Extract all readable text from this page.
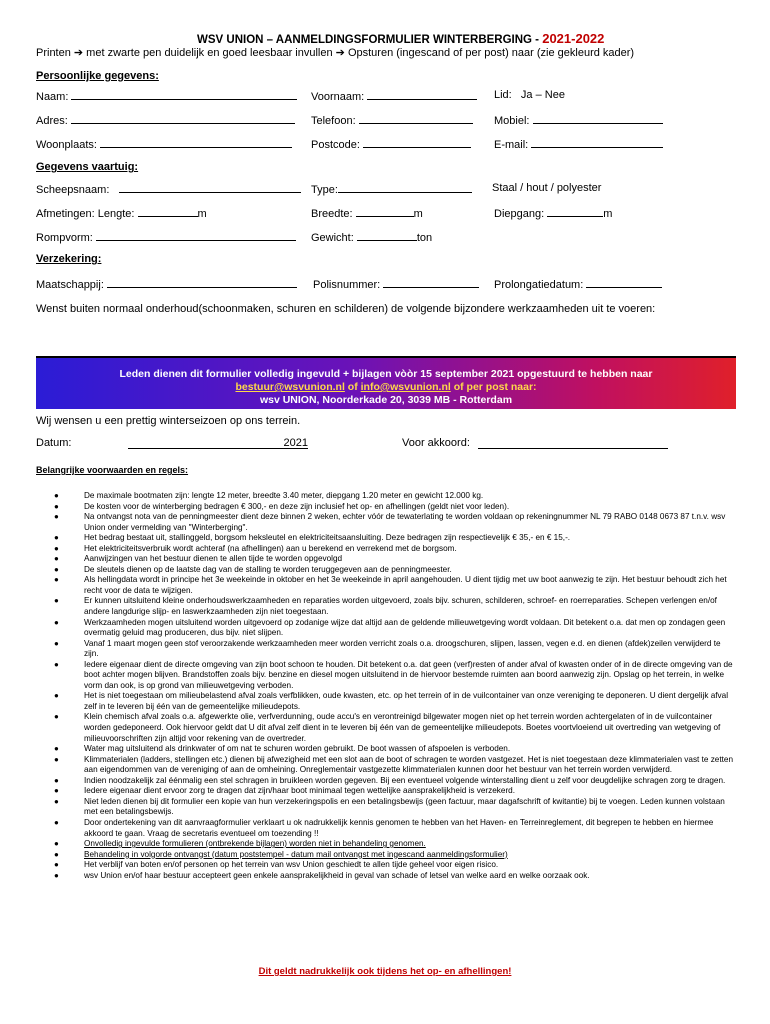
WSV UNION – AANMELDINGSFORMULIER WINTERBERGING - 2021-2022
Printen ➔ met zwarte pen duidelijk en goed leesbaar invullen ➔ Opsturen (ingescand of per post) naar (zie gekleurd kader)
Persoonlijke gegevens:
Naam:	Voornaam:	Lid: Ja – Nee
Adres:	Telefoon:	Mobiel:
Woonplaats:	Postcode:	E-mail:
Gegevens vaartuig:
Scheepsnaam:	Type:	Staal / hout / polyester
Afmetingen: Lengte:	m	Breedte:	m	Diepgang:	m
Rompvorm:	Gewicht:	ton
Verzekering:
Maatschappij:	Polisnummer:	Prolongatiedatum:
Wenst buiten normaal onderhoud(schoonmaken, schuren en schilderen) de volgende bijzondere werkzaamheden uit te voeren:
Leden dienen dit formulier volledig ingevuld + bijlagen vòòr 15 september 2021 opgestuurd te hebben naar
bestuur@wsvunion.nl of info@wsvunion.nl of per post naar:
wsv UNION, Noorderkade 20, 3039 MB - Rotterdam
Wij wensen u een prettig winterseizoen op ons terrein.
Datum:	2021	Voor akkoord:
Belangrijke voorwaarden en regels:
●	De maximale bootmaten zijn: lengte 12 meter, breedte 3.40 meter, diepgang 1.20 meter en gewicht 12.000 kg.
●	De kosten voor de winterberging bedragen € 300,- en deze zijn inclusief het op- en afhellingen (geldt niet voor leden).
●	Na ontvangst nota van de penningmeester dient deze binnen 2 weken, echter vóór de tewaterlating te worden voldaan op rekeningnummer NL 79 RABO 0148 0673 87 t.n.v. wsv Union onder vermelding van "Winterberging".
●	Het bedrag bestaat uit, stallinggeld, borgsom heksleutel en elektriciteitsaansluiting. Deze bedragen zijn respectievelijk € 35,- en € 15,-.
●	Het elektriciteitsverbruik wordt achteraf (na afhellingen) aan u berekend en verrekend met de borgsom.
●	Aanwijzingen van het bestuur dienen te allen tijde te worden opgevolgd
●	De sleutels dienen op de laatste dag van de stalling te worden teruggegeven aan de penningmeester.
●	Als hellingdata wordt in principe het 3e weekeinde in oktober en het 3e weekeinde in april aangehouden. U dient tijdig met uw boot aanwezig te zijn. Het bestuur behoudt zich het recht voor de data te wijzigen.
●	Er kunnen uitsluitend kleine onderhoudswerkzaamheden en reparaties worden uitgevoerd, zoals bijv. schuren, schilderen, schroef- en roerreparaties. Schepen verlengen en/of andere langdurige slijp- en laswerkzaamheden zijn niet toegestaan.
●	Werkzaamheden mogen uitsluitend worden uitgevoerd op zodanige wijze dat altijd aan de geldende milieuwetgeving wordt voldaan. Dit betekent o.a. dat men op zondagen geen overmatig geluid mag produceren, dus bijv. niet slijpen.
●	Vanaf 1 maart mogen geen stof veroorzakende werkzaamheden meer worden verricht zoals o.a. droogschuren, slijpen, lassen, vegen e.d. en dienen (afdek)zeilen verwijderd te zijn.
●	Iedere eigenaar dient de directe omgeving van zijn boot schoon te houden. Dit betekent o.a. dat geen (verf)resten of ander afval of kwasten onder of in de directe omgeving van de boot achter mogen blijven. Brandstoffen zoals bijv. benzine en diesel mogen uitsluitend in de hiervoor bestemde ruimten aan boord aanwezig zijn. Opslag op het terrein, in welke vorm dan ook, is op grond van milieuwetgeving verboden.
●	Het is niet toegestaan om milieubelastend afval zoals verfblikken, oude kwasten, etc. op het terrein of in de vuilcontainer van onze vereniging te deponeren. U dient dergelijk afval zelf in te leveren bij één van de gemeentelijke milieudepots.
●	Klein chemisch afval zoals o.a. afgewerkte olie, verfverdunning, oude accu's en verontreinigd bilgewater mogen niet op het terrein worden achtergelaten of in de vuilcontainer worden gedeponeerd. Ook hiervoor geldt dat U dit afval zelf dient in te leveren bij één van de gemeentelijke milieudepots. Boetes voortvloeiend uit overtreding van wetgeving of milieuvoorschriften zijn altijd voor rekening van de overtreder.
●	Water mag uitsluitend als drinkwater of om nat te schuren worden gebruikt. De boot wassen of afspoelen is verboden.
●	Klimmaterialen (ladders, stellingen etc.) dienen bij afwezigheid met een slot aan de boot of schragen te worden vastgezet. Het is niet toegestaan deze klimmaterialen vast te zetten aan eigendommen van de vereniging of aan de omheining. Onreglementair vastgezette klimmaterialen kunnen door het bestuur van het terrein worden verwijderd.
●	Indien noodzakelijk zal éénmalig een stel schragen in bruikleen worden gegeven. Bij een eventueel volgende winterstalling dient u zelf voor deugdelijke schragen zorg te dragen.
●	Iedere eigenaar dient ervoor zorg te dragen dat zijn/haar boot minimaal tegen wettelijke aansprakelijkheid is verzekerd.
●	Niet leden dienen bij dit formulier een kopie van hun verzekeringspolis en een betalingsbewijs (geen factuur, maar dagafschrift of kwitantie) bij te voegen. Leden kunnen volstaan met een betalingsbewijs.
●	Door ondertekening van dit aanvraagformulier verklaart u ok nadrukkelijk kennis genomen te hebben van het Haven- en Terreinreglement, dit begrepen te hebben en hiermee akkoord te gaan. Vraag de secretaris eventueel om toezending !!
●	Onvolledig ingevulde formulieren (ontbrekende bijlagen) worden niet in behandeling genomen.
●	Behandeling in volgorde ontvangst (datum poststempel - datum mail ontvangst met ingescand aanmeldingsformulier)
●	Het verblijf van boten en/of personen op het terrein van wsv Union geschiedt te allen tijde geheel voor eigen risico.
●	wsv Union en/of haar bestuur accepteert geen enkele aansprakelijkheid in geval van schade of letsel van welke aard en welke oorzaak ook.
Dit geldt nadrukkelijk ook tijdens het op- en afhellingen!
